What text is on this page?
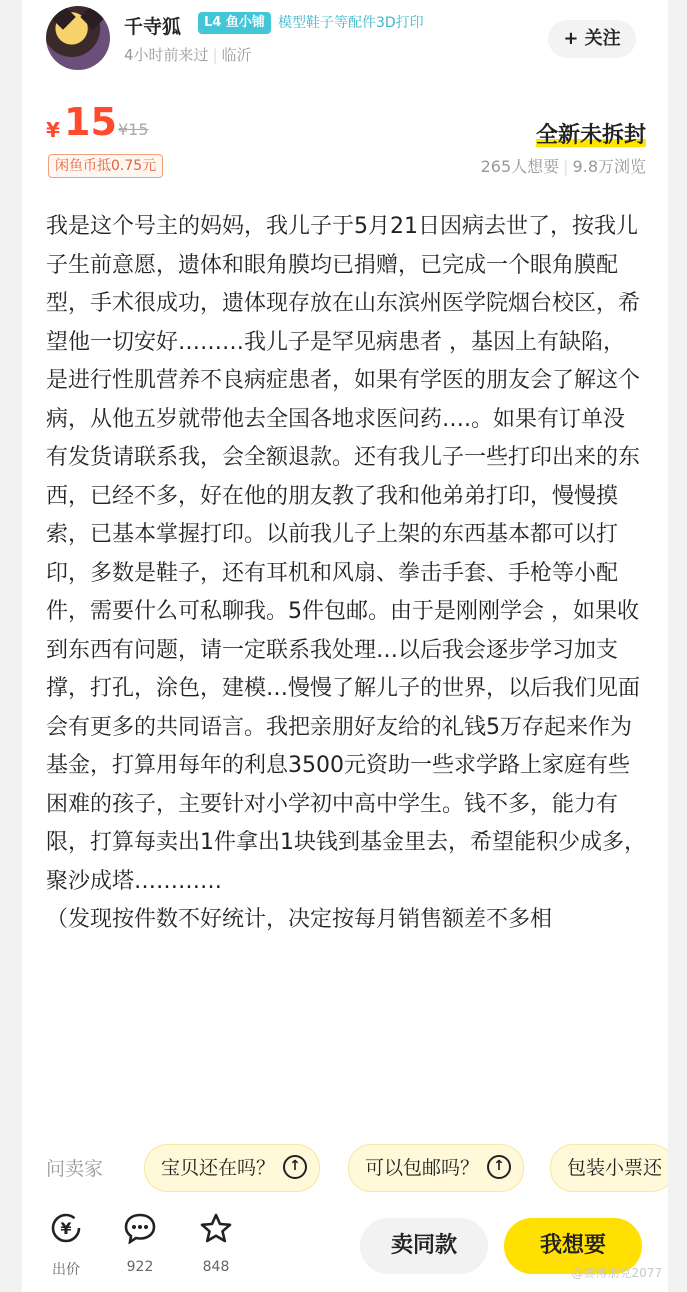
千寺狐	L4 鱼小铺 模型鞋子等配件3D打印
4小时前来过 | 临沂
+ 关注
¥ 15 ¥15
闲鱼币抵0.75元
全新未拆封
265人想要 | 9.8万浏览
我是这个号主的妈妈，我儿子于5月21日因病去世了，按我儿子生前意愿，遗体和眼角膜均已捐赠，已完成一个眼角膜配型，手术很成功，遗体现存放在山东滨州医学院烟台校区，希望他一切安好………我儿子是罕见病患者 ，基因上有缺陷，是进行性肌营养不良病症患者，如果有学医的朋友会了解这个病，从他五岁就带他去全国各地求医问药….。如果有订单没有发货请联系我，会全额退款。还有我儿子一些打印出来的东西，已经不多，好在他的朋友教了我和他弟弟打印，慢慢摸索，已基本掌握打印。以前我儿子上架的东西基本都可以打印，多数是鞋子，还有耳机和风扇、拳击手套、手枪等小配件，需要什么可私聊我。5件包邮。由于是刚刚学会 ，如果收到东西有问题，请一定联系我处理…以后我会逐步学习加支撑，打孔，涂色，建模…慢慢了解儿子的世界，以后我们见面会有更多的共同语言。我把亲朋好友给的礼钱5万存起来作为基金，打算用每年的利息3500元资助一些求学路上家庭有些困难的孩子，主要针对小学初中高中学生。钱不多，能力有限，打算每卖出1件拿出1块钱到基金里去，希望能积少成多，聚沙成塔…………
（发现按件数不好统计，决定按每月销售额差不多相
问卖家	宝贝还在吗？ ↑	可以包邮吗？ ↑	包装小票还
¥
出价	922	848
卖同款	我想要
@赛博朋克2077
